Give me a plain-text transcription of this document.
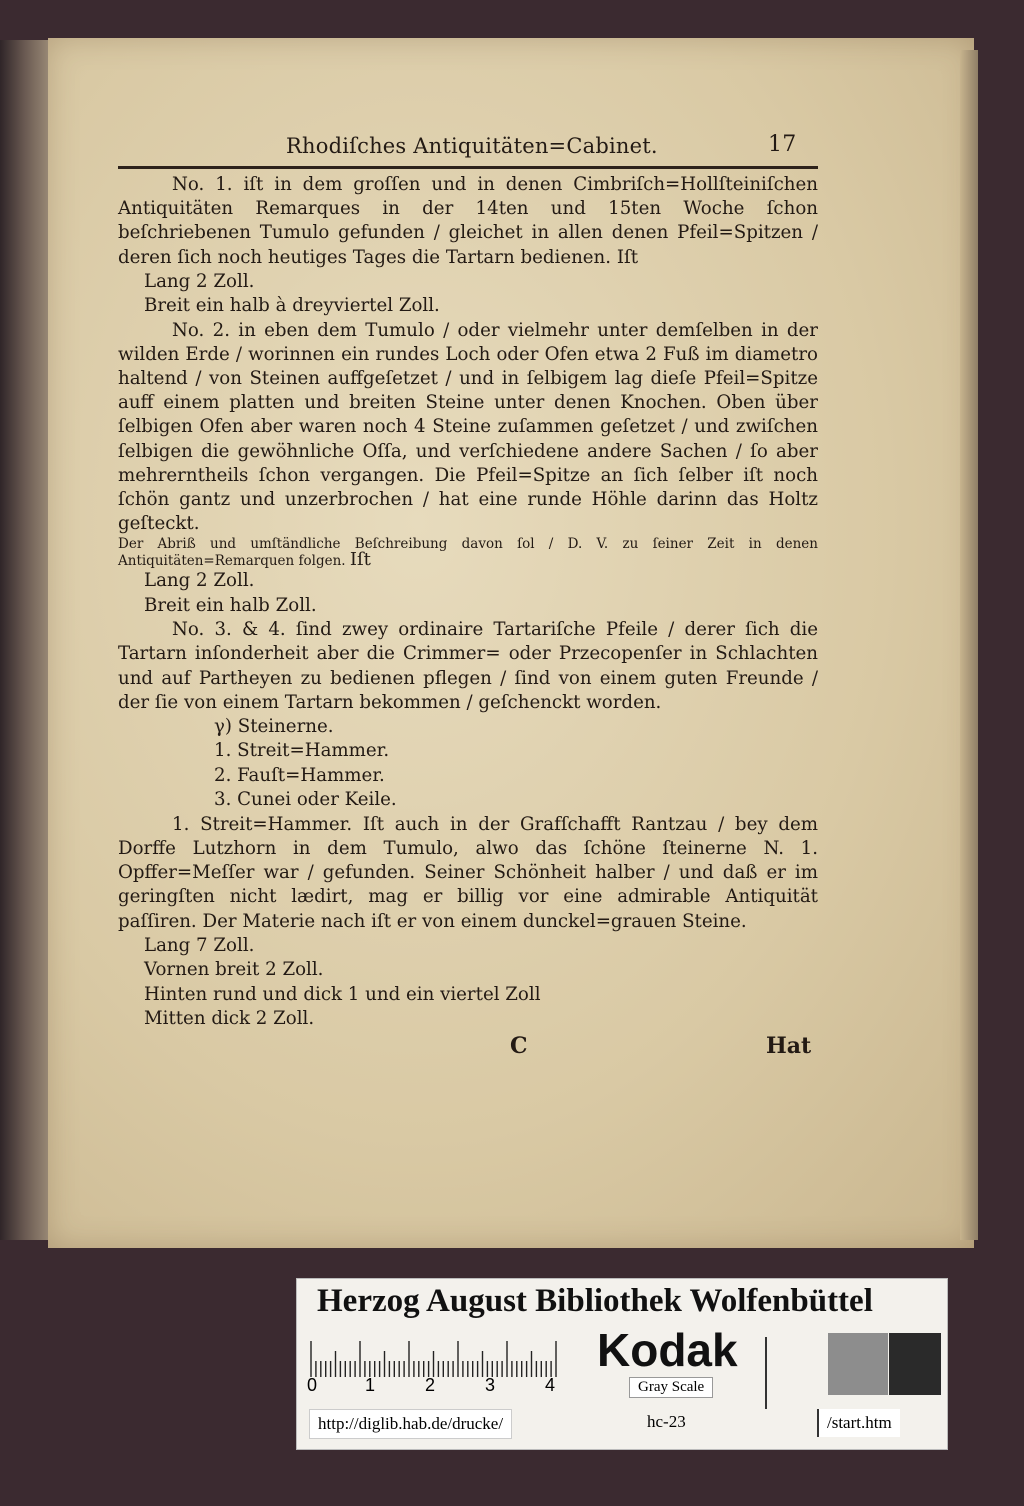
Rhodiſches Antiquitäten=Cabinet.	17

No. 1. iſt in dem groſſen und in denen Cimbriſch=Hollſteiniſchen Antiquitäten Remarques in der 14ten und 15ten Woche ſchon beſchriebenen Tumulo gefunden / gleichet in allen denen Pfeil=Spitzen / deren ſich noch heutiges Tages die Tartarn bedienen. Iſt

Lang 2 Zoll.

Breit ein halb à dreyviertel Zoll.

No. 2. in eben dem Tumulo / oder vielmehr unter demſelben in der wilden Erde / worinnen ein rundes Loch oder Ofen etwa 2 Fuß im diametro haltend / von Steinen auffgeſetzet / und in ſelbigem lag dieſe Pfeil=Spitze auff einem platten und breiten Steine unter denen Knochen. Oben über ſelbigen Ofen aber waren noch 4 Steine zuſammen geſetzet / und zwiſchen ſelbigen die gewöhnliche Oſſa, und verſchiedene andere Sachen / ſo aber mehrerntheils ſchon vergangen. Die Pfeil=Spitze an ſich ſelber iſt noch ſchön gantz und unzerbrochen / hat eine runde Höhle darinn das Holtz geſteckt.

Der Abriß und umſtändliche Beſchreibung davon ſol / D. V. zu ſeiner Zeit in denen Antiquitäten=Remarquen folgen. Iſt

Lang 2 Zoll.

Breit ein halb Zoll.

No. 3. & 4. ſind zwey ordinaire Tartariſche Pfeile / derer ſich die Tartarn inſonderheit aber die Crimmer= oder Przecopenſer in Schlachten und auf Partheyen zu bedienen pflegen / ſind von einem guten Freunde / der ſie von einem Tartarn bekommen / geſchenckt worden.

γ) Steinerne.

1. Streit=Hammer.

2. Fauſt=Hammer.

3. Cunei oder Keile.

1. Streit=Hammer. Iſt auch in der Grafſchafft Rantzau / bey dem Dorffe Lutzhorn in dem Tumulo, alwo das ſchöne ſteinerne N. 1. Opffer=Meſſer war / gefunden. Seiner Schönheit halber / und daß er im geringſten nicht lædirt, mag er billig vor eine admirable Antiquität paſſiren. Der Materie nach iſt er von einem dunckel=grauen Steine.

Lang 7 Zoll.

Vornen breit 2 Zoll.

Hinten rund und dick 1 und ein viertel Zoll

Mitten dick 2 Zoll.

C	Hat
Herzog August Bibliothek Wolfenbüttel
0	1	2	3	4
Kodak
Gray Scale
http://diglib.hab.de/drucke/	hc-23	/start.htm
